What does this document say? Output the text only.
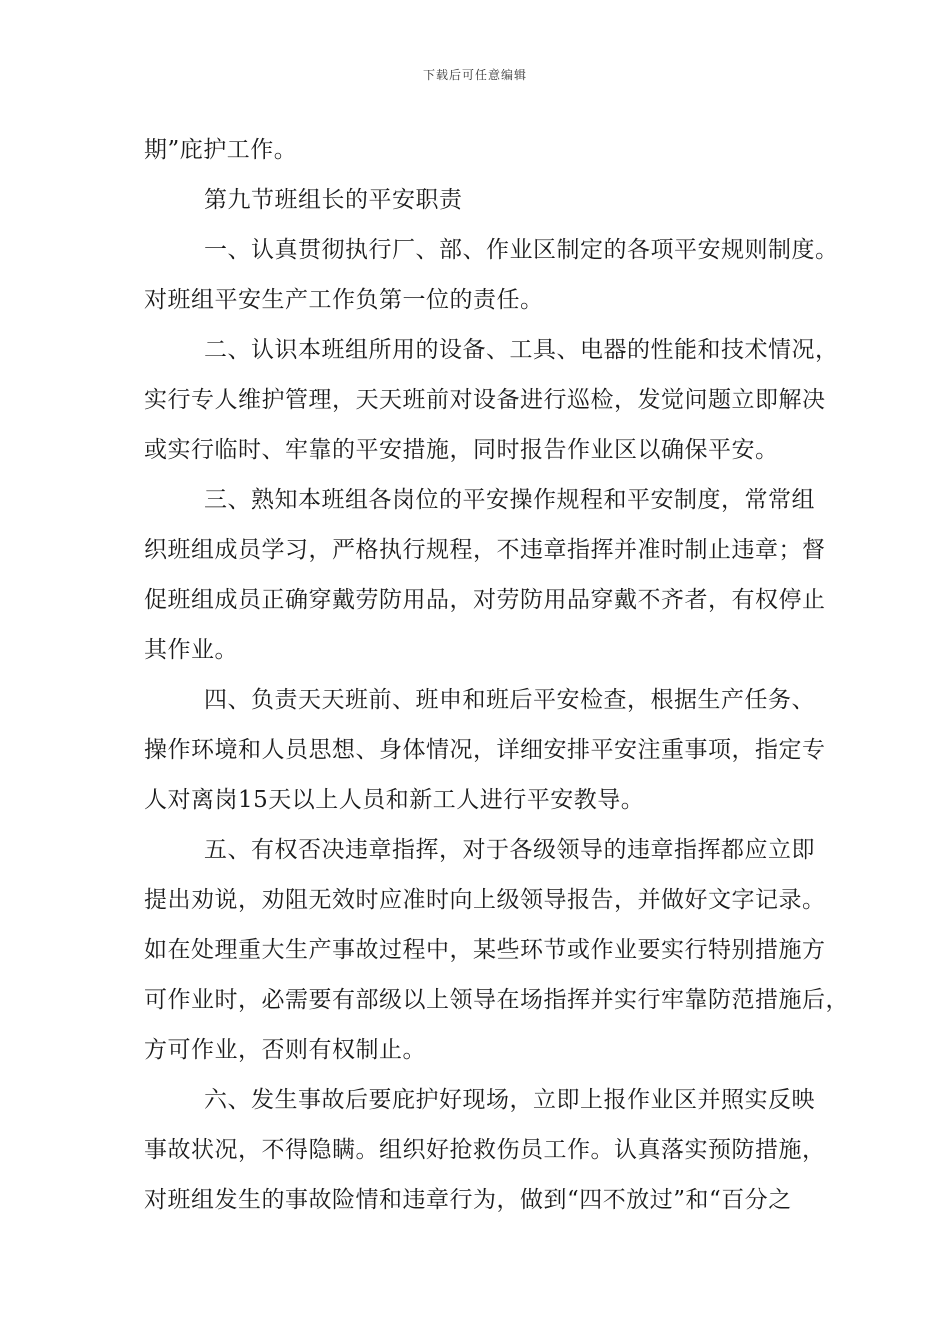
下载后可任意编辑
期”庇护工作。
第九节班组长的平安职责
一、认真贯彻执行厂、部、作业区制定的各项平安规则制度。
对班组平安生产工作负第一位的责任。
二、认识本班组所用的设备、工具、电器的性能和技术情况，
实行专人维护管理，天天班前对设备进行巡检，发觉问题立即解决
或实行临时、牢靠的平安措施，同时报告作业区以确保平安。
三、熟知本班组各岗位的平安操作规程和平安制度，常常组
织班组成员学习，严格执行规程，不违章指挥并准时制止违章；督
促班组成员正确穿戴劳防用品，对劳防用品穿戴不齐者，有权停止
其作业。
四、负责天天班前、班申和班后平安检查，根据生产任务、
操作环境和人员思想、身体情况，详细安排平安注重事项，指定专
人对离岗15天以上人员和新工人进行平安教导。
五、有权否决违章指挥，对于各级领导的违章指挥都应立即
提出劝说，劝阻无效时应准时向上级领导报告，并做好文字记录。
如在处理重大生产事故过程中，某些环节或作业要实行特别措施方
可作业时，必需要有部级以上领导在场指挥并实行牢靠防范措施后，
方可作业，否则有权制止。
六、发生事故后要庇护好现场，立即上报作业区并照实反映
事故状况，不得隐瞒。组织好抢救伤员工作。认真落实预防措施，
对班组发生的事故险情和违章行为，做到“四不放过”和“百分之
